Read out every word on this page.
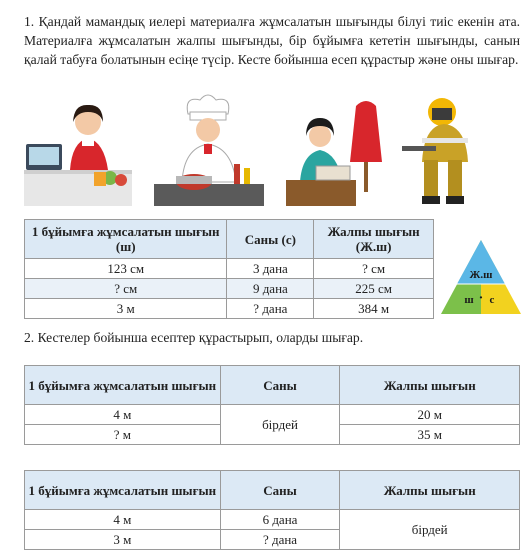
1. Қандай мамандық иелері материалға жұмсалатын шығынды білуі тиіс екенін ата. Материалға жұмсалатын жалпы шығынды, бір бұйымға кететін шығынды, санын қалай табуға болатынын есіңе түсір. Кесте бойынша есеп құрастыр және оны шығар.

1 бұйымға жұмсалатын шығын (ш)	Саны (с)	Жалпы шығын (Ж.ш)
123 см	3 дана	? см
? см	9 дана	225 см
3 м	? дана	384 м
Ж.ш
ш · с

2. Кестелер бойынша есептер құрастырып, оларды шығар.

1 бұйымға жұмсалатын шығын	Саны	Жалпы шығын
4 м	бірдей	20 м
? м		35 м
1 бұйымға жұмсалатын шығын	Саны	Жалпы шығын
4 м	6 дана	бірдей
3 м	? дана	
